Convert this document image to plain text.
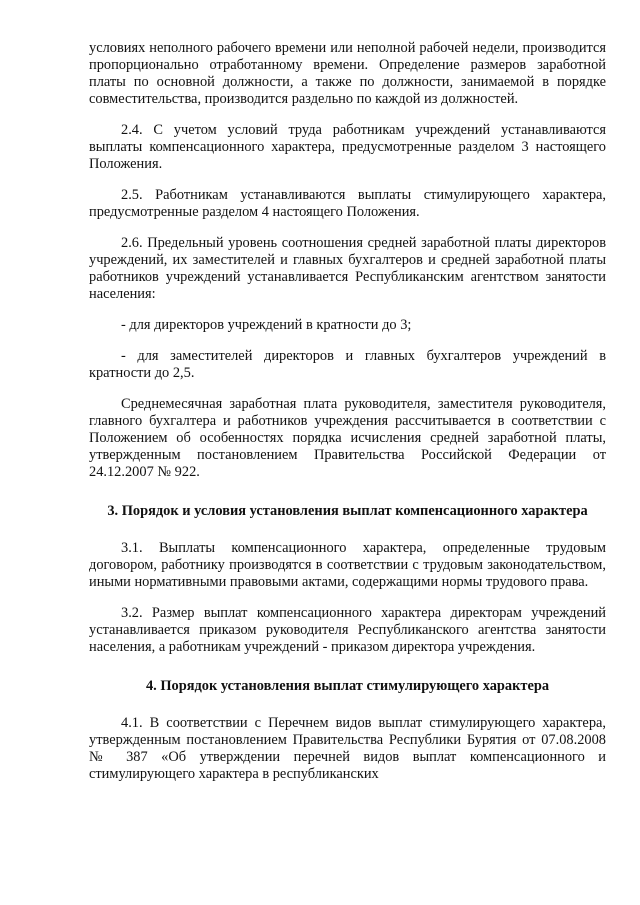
условиях неполного рабочего времени или неполной рабочей недели, производится пропорционально отработанному времени. Определение размеров заработной платы по основной должности, а также по должности, занимаемой в порядке совместительства, производится раздельно по каждой из должностей.

2.4. С учетом условий труда работникам учреждений устанавливаются выплаты компенсационного характера, предусмотренные разделом 3 настоящего Положения.

2.5. Работникам устанавливаются выплаты стимулирующего характера, предусмотренные разделом 4 настоящего Положения.

2.6. Предельный уровень соотношения средней заработной платы директоров учреждений, их заместителей и главных бухгалтеров и средней заработной платы работников учреждений устанавливается Республиканским агентством занятости населения:

- для директоров учреждений в кратности до 3;

- для заместителей директоров и главных бухгалтеров учреждений в кратности до 2,5.

Среднемесячная заработная плата руководителя, заместителя руководителя, главного бухгалтера и работников учреждения рассчитывается в соответствии с Положением об особенностях порядка исчисления средней заработной платы, утвержденным постановлением Правительства Российской Федерации от 24.12.2007 № 922.

3. Порядок и условия установления выплат компенсационного характера

3.1. Выплаты компенсационного характера, определенные трудовым договором, работнику производятся в соответствии с трудовым законодательством, иными нормативными правовыми актами, содержащими нормы трудового права.

3.2. Размер выплат компенсационного характера директорам учреждений устанавливается приказом руководителя Республиканского агентства занятости населения, а работникам учреждений - приказом директора учреждения.

4. Порядок установления выплат стимулирующего характера

4.1. В соответствии с Перечнем видов выплат стимулирующего характера, утвержденным постановлением Правительства Республики Бурятия от 07.08.2008 № 387 «Об утверждении перечней видов выплат компенсационного и стимулирующего характера в республиканских
